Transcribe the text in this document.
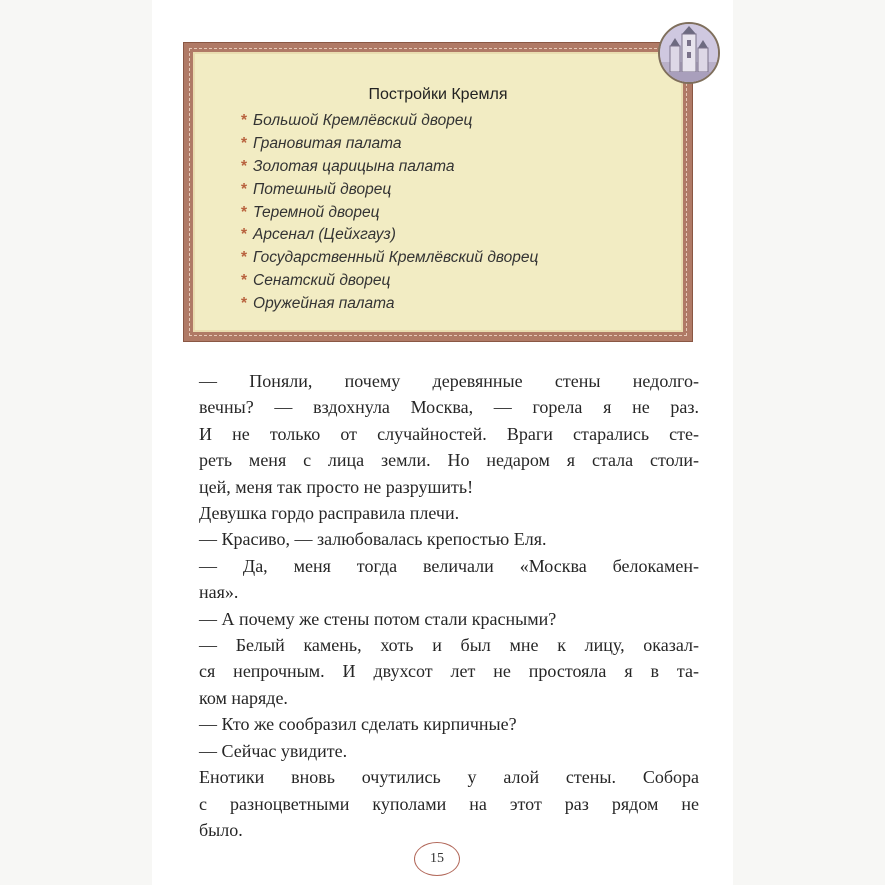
Постройки Кремля
* Большой Кремлёвский дворец
* Грановитая палата
* Золотая царицына палата
* Потешный дворец
* Теремной дворец
* Арсенал (Цейхгауз)
* Государственный Кремлёвский дворец
* Сенатский дворец
* Оружейная палата

— Поняли, почему деревянные стены недолго-

вечны? — вздохнула Москва, — горела я не раз.

И не только от случайностей. Враги старались сте-

реть меня с лица земли. Но недаром я стала столи-

цей, меня так просто не разрушить!

Девушка гордо расправила плечи.

— Красиво, — залюбовалась крепостью Еля.

— Да, меня тогда величали «Москва белокамен-

ная».

— А почему же стены потом стали красными?

— Белый камень, хоть и был мне к лицу, оказал-

ся непрочным. И двухсот лет не простояла я в та-

ком наряде.

— Кто же сообразил сделать кирпичные?

— Сейчас увидите.

Енотики вновь очутились у алой стены. Собора

с разноцветными куполами на этот раз рядом не

было.

15
